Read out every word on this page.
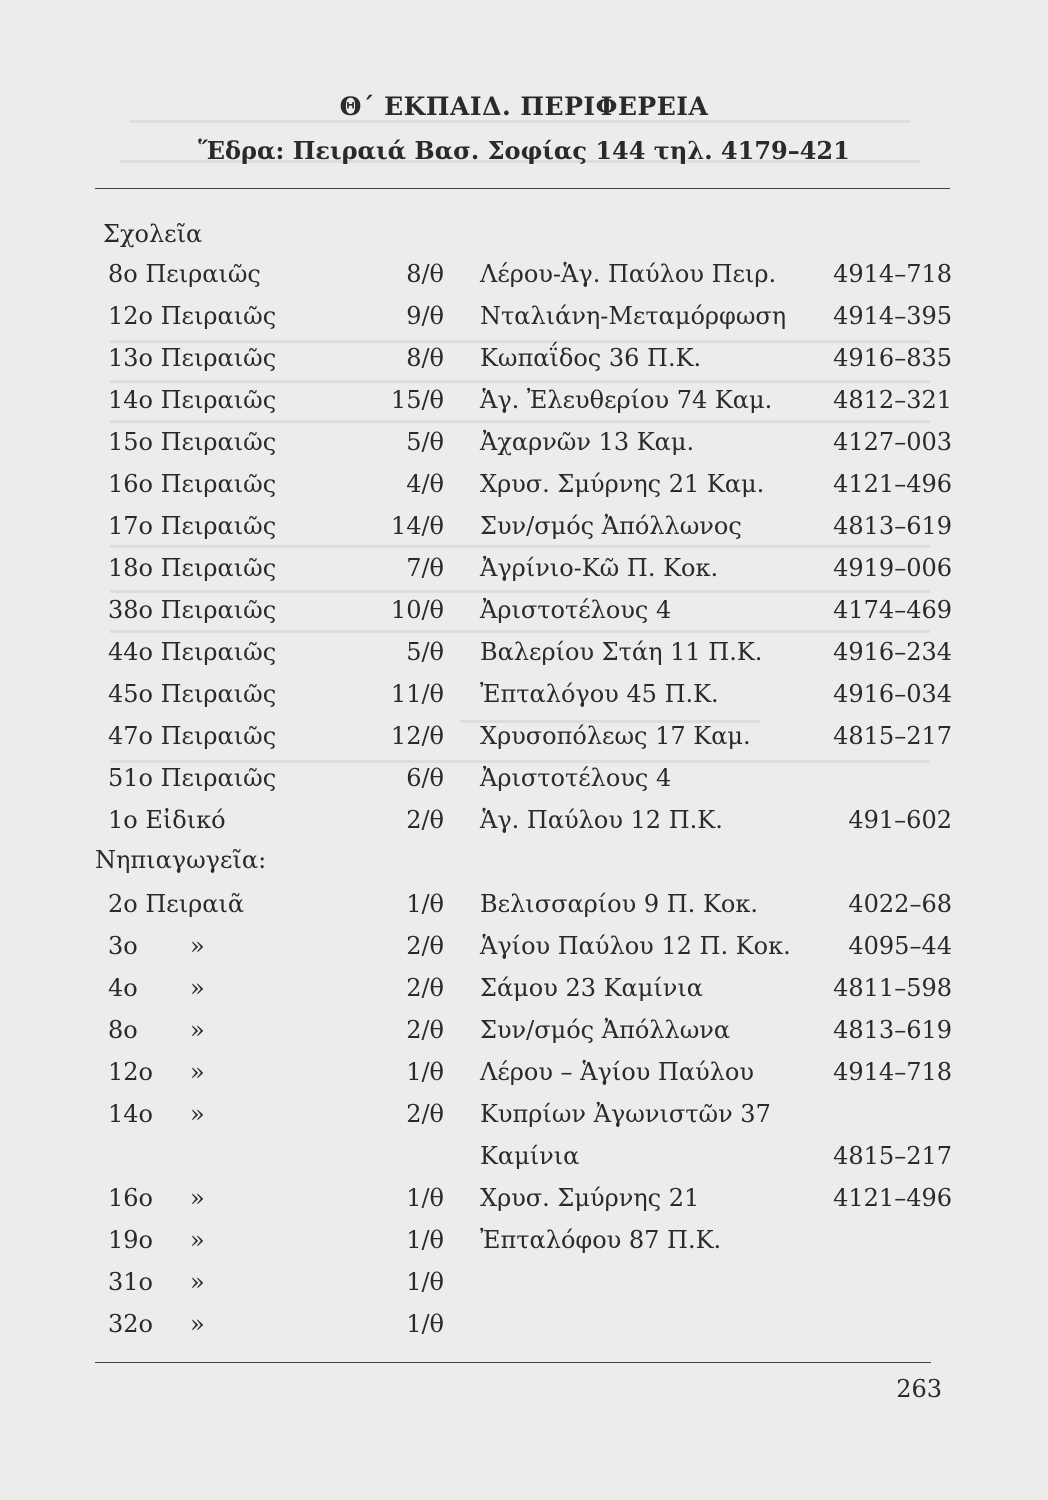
Θ΄ ΕΚΠΑΙΔ. ΠΕΡΙΦΕΡΕΙΑ
Ἕδρα: Πειραιά Βασ. Σοφίας 144 τηλ. 4179–421
Σχολεῖα
8ο Πειραιῶς	8/θ Λέρου-Ἁγ. Παύλου Πειρ. 4914–718
12ο Πειραιῶς	9/θ Νταλιάνη-Μεταμόρφωση 4914–395
13ο Πειραιῶς	8/θ Κωπαΐδος 36 Π.Κ.	4916–835
14ο Πειραιῶς	15/θ Ἁγ. Ἐλευθερίου 74 Καμ.	4812–321
15ο Πειραιῶς	5/θ Ἀχαρνῶν 13 Καμ.	4127–003
16ο Πειραιῶς	4/θ Χρυσ. Σμύρνης 21 Καμ.	4121–496
17ο Πειραιῶς	14/θ Συν/σμός Ἀπόλλωνος	4813–619
18ο Πειραιῶς	7/θ Ἀγρίνιο-Κῶ Π. Κοκ.	4919–006
38ο Πειραιῶς	10/θ Ἀριστοτέλους 4	4174–469
44ο Πειραιῶς	5/θ Βαλερίου Στάη 11 Π.Κ.	4916–234
45ο Πειραιῶς	11/θ Ἐπταλόγου 45 Π.Κ.	4916–034
47ο Πειραιῶς	12/θ Χρυσοπόλεως 17 Καμ.	4815–217
51ο Πειραιῶς	6/θ Ἀριστοτέλους 4
1ο Εἰδικό	2/θ Ἁγ. Παύλου 12 Π.Κ.	491–602
Νηπιαγωγεῖα:
2ο Πειραιᾶ	1/θ Βελισσαρίου 9 Π. Κοκ.	4022–68
3ο »	2/θ Ἁγίου Παύλου 12 Π. Κοκ. 4095–44
4ο »	2/θ Σάμου 23 Καμίνια	4811–598
8ο »	2/θ Συν/σμός Ἀπόλλωνα	4813–619
12ο »	1/θ Λέρου – Ἁγίου Παύλου	4914–718
14ο »	2/θ Κυπρίων Ἀγωνιστῶν 37
Καμίνια	4815–217
16ο »	1/θ Χρυσ. Σμύρνης 21	4121–496
19ο »	1/θ Ἐπταλόφου 87 Π.Κ.
31ο »	1/θ
32ο »	1/θ
263
